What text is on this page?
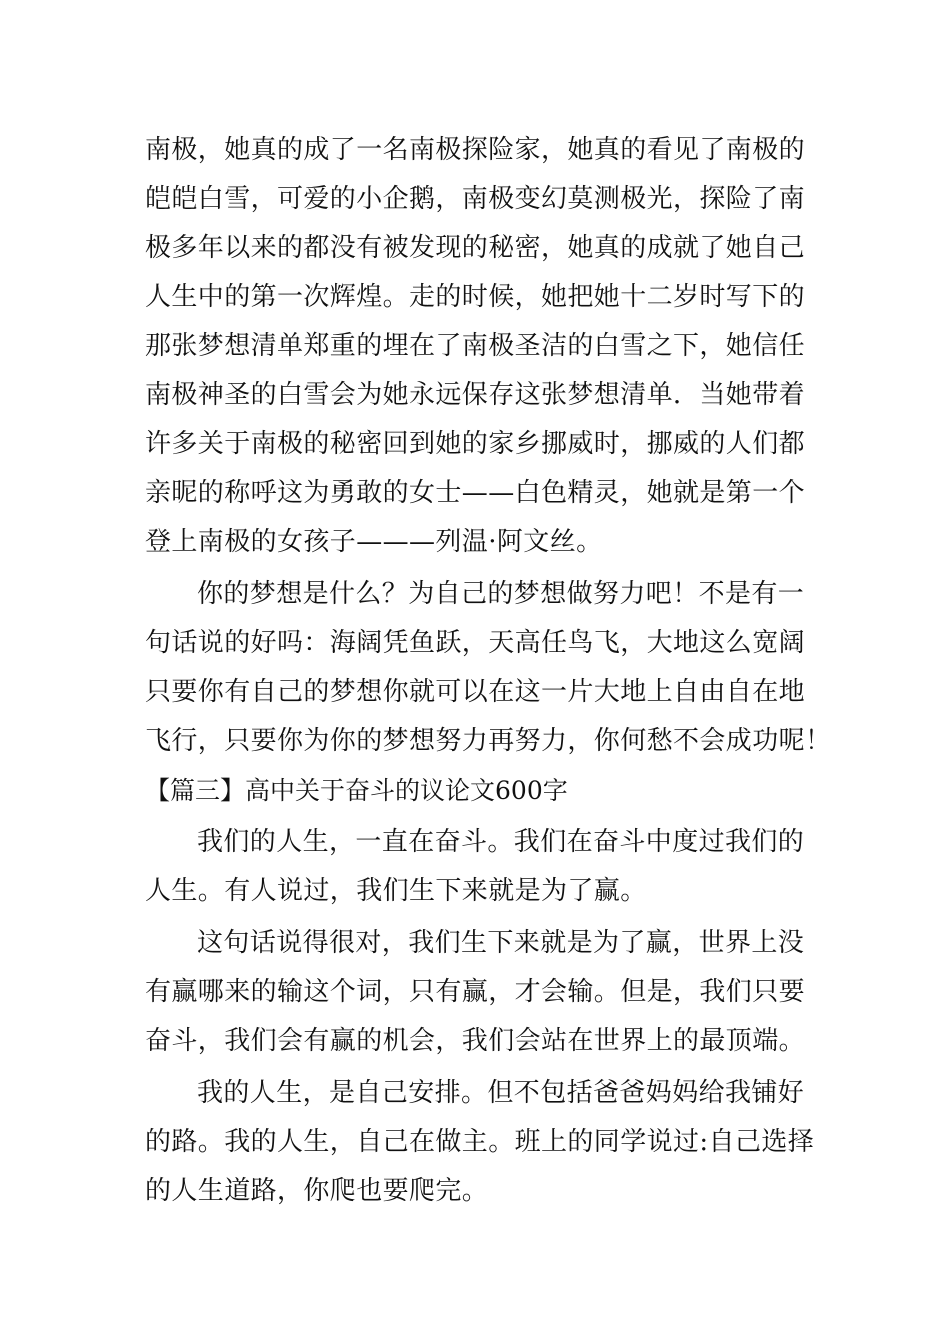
南极，她真的成了一名南极探险家，她真的看见了南极的
皑皑白雪，可爱的小企鹅，南极变幻莫测极光，探险了南
极多年以来的都没有被发现的秘密，她真的成就了她自己
人生中的第一次辉煌。走的时候，她把她十二岁时写下的
那张梦想清单郑重的埋在了南极圣洁的白雪之下，她信任
南极神圣的白雪会为她永远保存这张梦想清单．当她带着
许多关于南极的秘密回到她的家乡挪威时，挪威的人们都
亲昵的称呼这为勇敢的女士——白色精灵，她就是第一个
登上南极的女孩子———列温·阿文丝。
你的梦想是什么？为自己的梦想做努力吧！不是有一
句话说的好吗：海阔凭鱼跃，天高任鸟飞，大地这么宽阔
只要你有自己的梦想你就可以在这一片大地上自由自在地
飞行，只要你为你的梦想努力再努力，你何愁不会成功呢！
【篇三】高中关于奋斗的议论文600字
我们的人生，一直在奋斗。我们在奋斗中度过我们的
人生。有人说过，我们生下来就是为了赢。
这句话说得很对，我们生下来就是为了赢，世界上没
有赢哪来的输这个词，只有赢，才会输。但是，我们只要
奋斗，我们会有赢的机会，我们会站在世界上的最顶端。
我的人生，是自己安排。但不包括爸爸妈妈给我铺好
的路。我的人生，自己在做主。班上的同学说过:自己选择
的人生道路，你爬也要爬完。
